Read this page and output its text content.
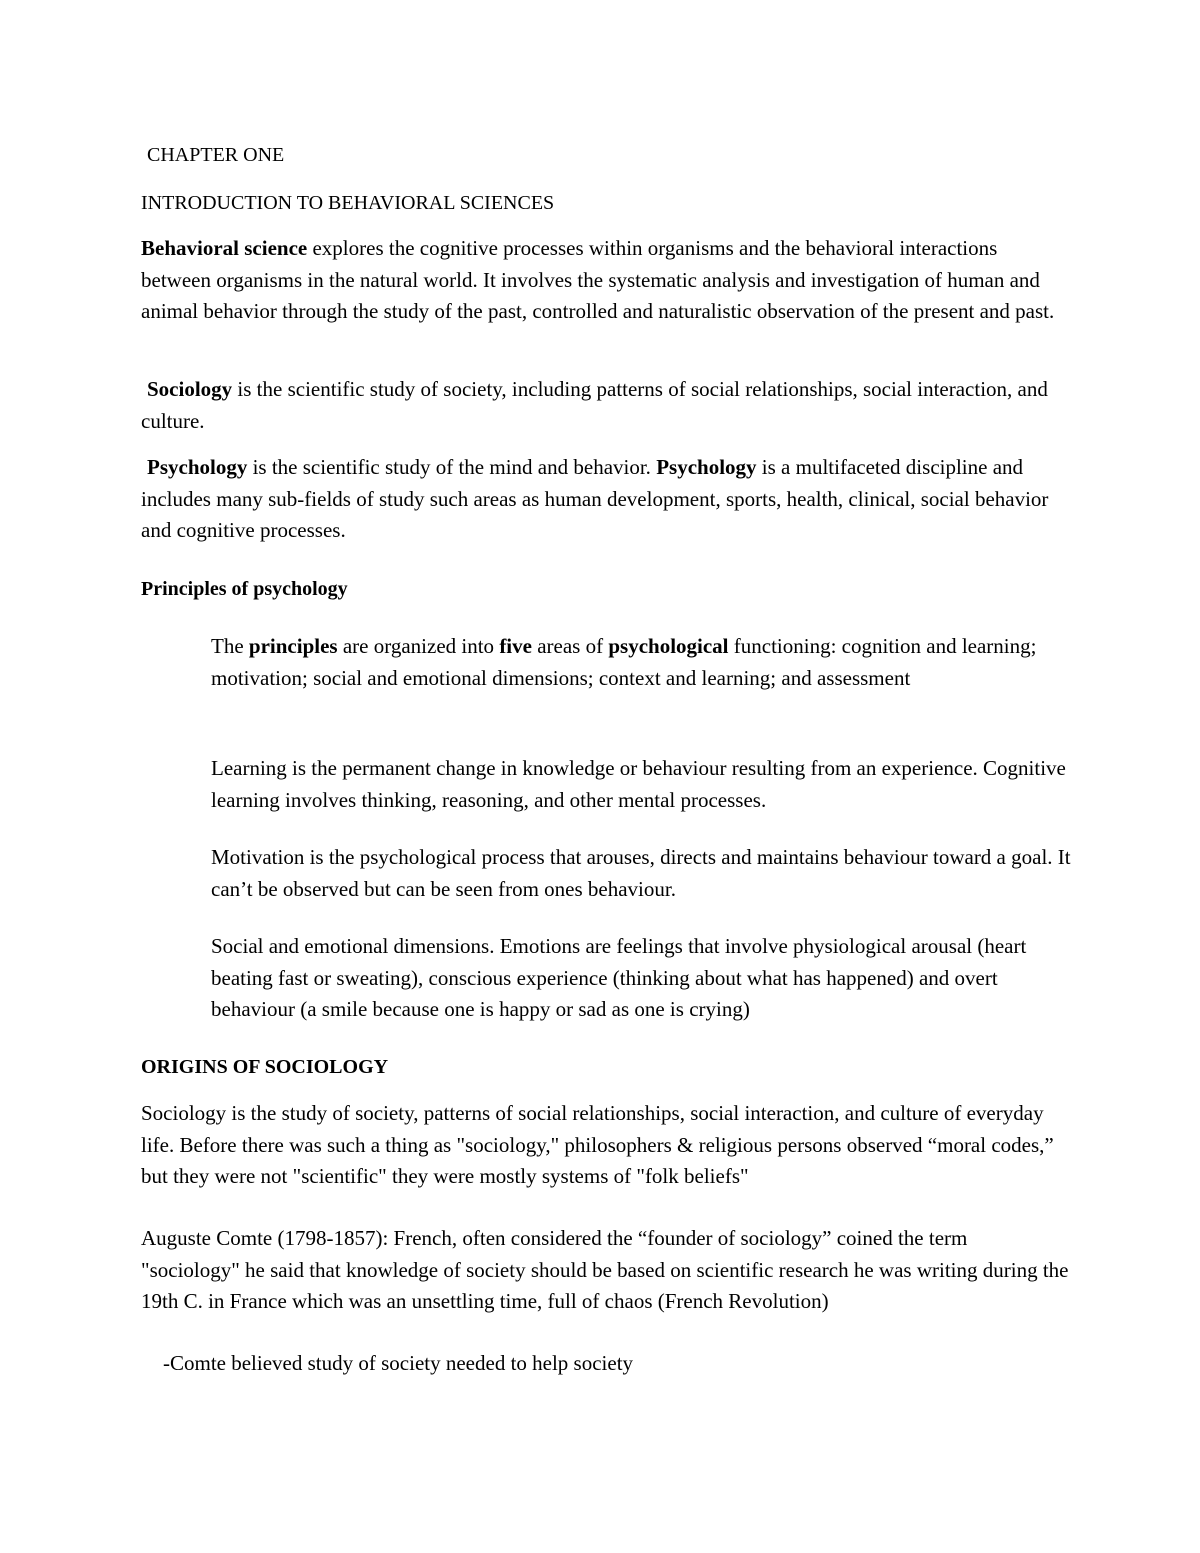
CHAPTER ONE

INTRODUCTION TO BEHAVIORAL SCIENCES

Behavioral science explores the cognitive processes within organisms and the behavioral interactions between organisms in the natural world. It involves the systematic analysis and investigation of human and animal behavior through the study of the past, controlled and naturalistic observation of the present and past.

Sociology is the scientific study of society, including patterns of social relationships, social interaction, and culture.

Psychology is the scientific study of the mind and behavior. Psychology is a multifaceted discipline and includes many sub-fields of study such areas as human development, sports, health, clinical, social behavior and cognitive processes.

Principles of psychology

The principles are organized into five areas of psychological functioning: cognition and learning; motivation; social and emotional dimensions; context and learning; and assessment

Learning is the permanent change in knowledge or behaviour resulting from an experience. Cognitive learning involves thinking, reasoning, and other mental processes.

Motivation is the psychological process that arouses, directs and maintains behaviour toward a goal. It can’t be observed but can be seen from ones behaviour.

Social and emotional dimensions. Emotions are feelings that involve physiological arousal (heart beating fast or sweating), conscious experience (thinking about what has happened) and overt behaviour (a smile because one is happy or sad as one is crying)

ORIGINS OF SOCIOLOGY

Sociology is the study of society, patterns of social relationships, social interaction, and culture of everyday life. Before there was such a thing as "sociology," philosophers & religious persons observed “moral codes,” but they were not "scientific" they were mostly systems of "folk beliefs"

Auguste Comte (1798-1857): French, often considered the “founder of sociology” coined the term "sociology" he said that knowledge of society should be based on scientific research he was writing during the 19th C. in France which was an unsettling time, full of chaos (French Revolution)

-Comte believed study of society needed to help society
